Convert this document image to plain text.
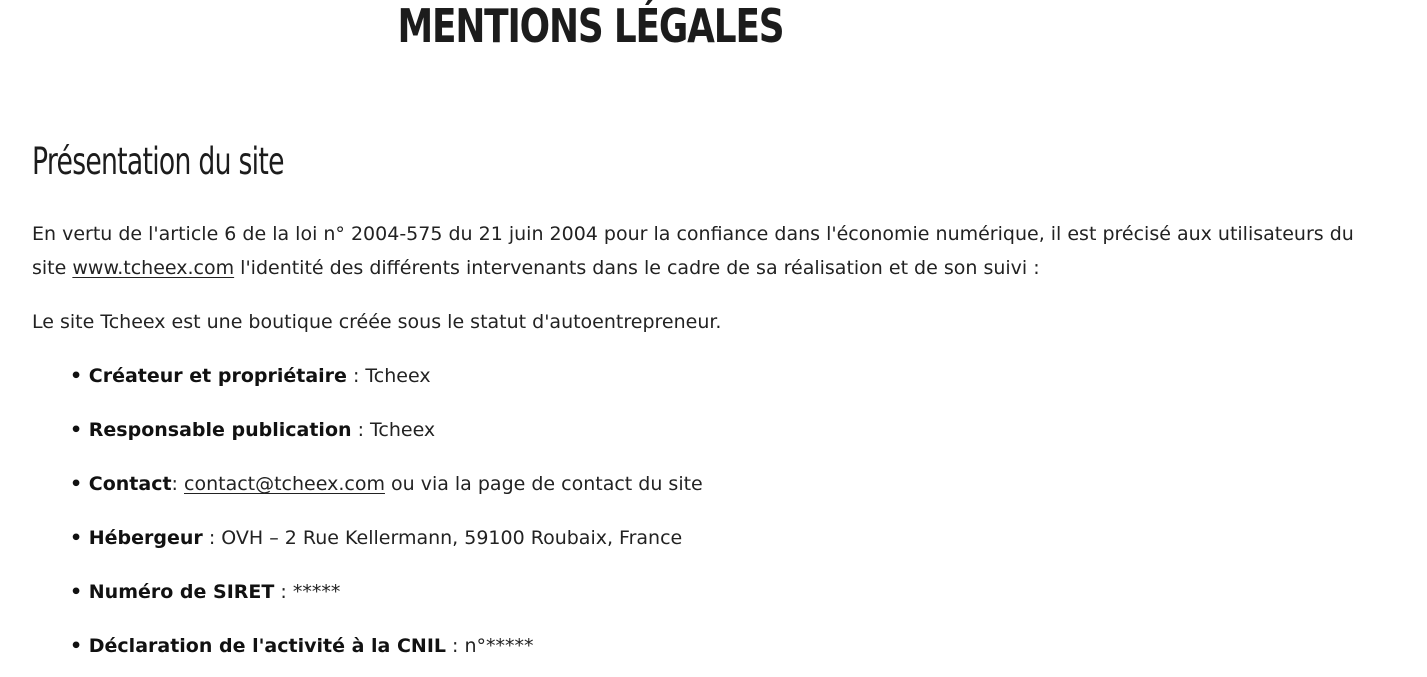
MENTIONS LÉGALES
Présentation du site

En vertu de l'article 6 de la loi n° 2004-575 du 21 juin 2004 pour la confiance dans l'économie numérique, il est précisé aux utilisateurs du
site www.tcheex.com l'identité des différents intervenants dans le cadre de sa réalisation et de son suivi :

Le site Tcheex est une boutique créée sous le statut d'autoentrepreneur.

• Créateur et propriétaire : Tcheex
• Responsable publication : Tcheex
• Contact: contact@tcheex.com ou via la page de contact du site
• Hébergeur : OVH – 2 Rue Kellermann, 59100 Roubaix, France
• Numéro de SIRET : *****
• Déclaration de l'activité à la CNIL : n°*****
